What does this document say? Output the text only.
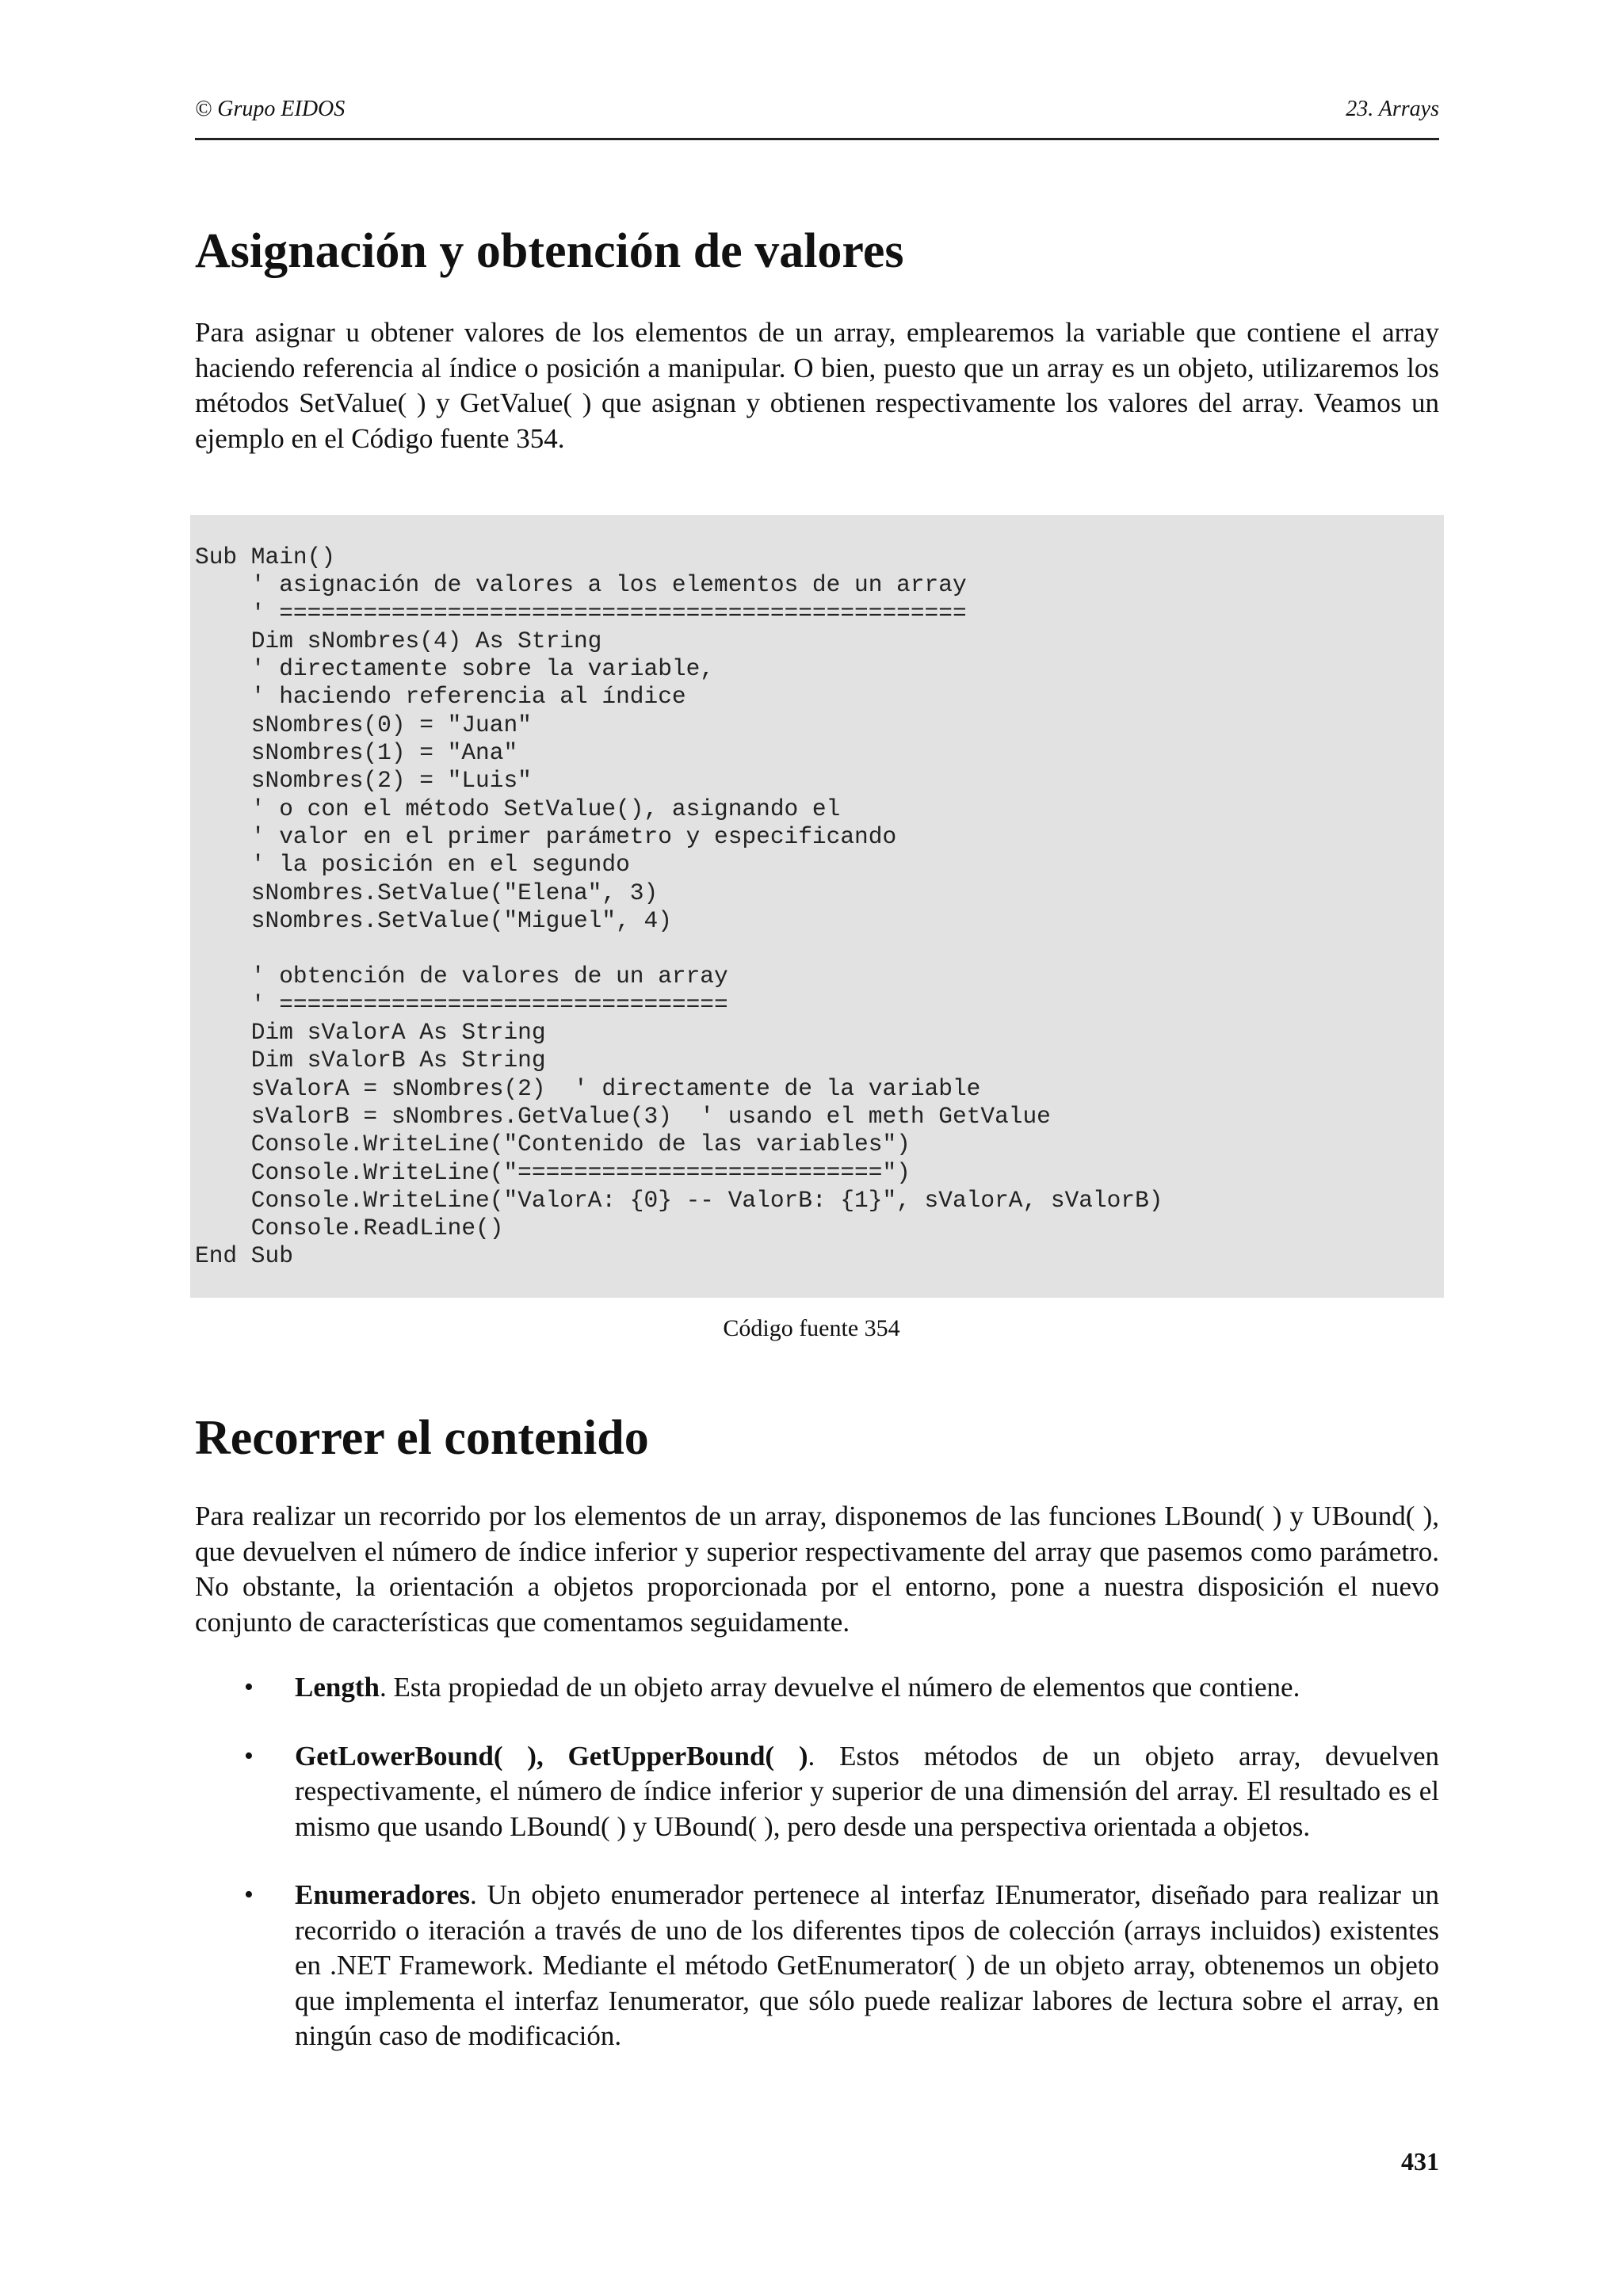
© Grupo EIDOS	23. Arrays
Asignación y obtención de valores

Para asignar u obtener valores de los elementos de un array, emplearemos la variable que contiene el array haciendo referencia al índice o posición a manipular. O bien, puesto que un array es un objeto, utilizaremos los métodos SetValue( ) y GetValue( ) que asignan y obtienen respectivamente los valores del array. Veamos un ejemplo en el Código fuente 354.

Sub Main()
' asignación de valores a los elementos de un array
' =================================================
Dim sNombres(4) As String
' directamente sobre la variable,
' haciendo referencia al índice
sNombres(0) = "Juan"
sNombres(1) = "Ana"
sNombres(2) = "Luis"
' o con el método SetValue(), asignando el
' valor en el primer parámetro y especificando
' la posición en el segundo
sNombres.SetValue("Elena", 3)
sNombres.SetValue("Miguel", 4)

' obtención de valores de un array
' ================================
Dim sValorA As String
Dim sValorB As String
sValorA = sNombres(2)  ' directamente de la variable
sValorB = sNombres.GetValue(3)  ' usando el meth GetValue
Console.WriteLine("Contenido de las variables")
Console.WriteLine("==========================")
Console.WriteLine("ValorA: {0} -- ValorB: {1}", sValorA, sValorB)
Console.ReadLine()
End Sub
Código fuente 354
Recorrer el contenido

Para realizar un recorrido por los elementos de un array, disponemos de las funciones LBound( ) y UBound( ), que devuelven el número de índice inferior y superior respectivamente del array que pasemos como parámetro. No obstante, la orientación a objetos proporcionada por el entorno, pone a nuestra disposición el nuevo conjunto de características que comentamos seguidamente.

• Length. Esta propiedad de un objeto array devuelve el número de elementos que contiene.
• GetLowerBound( ), GetUpperBound( ). Estos métodos de un objeto array, devuelven respectivamente, el número de índice inferior y superior de una dimensión del array. El resultado es el mismo que usando LBound( ) y UBound( ), pero desde una perspectiva orientada a objetos.
• Enumeradores. Un objeto enumerador pertenece al interfaz IEnumerator, diseñado para realizar un recorrido o iteración a través de uno de los diferentes tipos de colección (arrays incluidos) existentes en .NET Framework. Mediante el método GetEnumerator( ) de un objeto array, obtenemos un objeto que implementa el interfaz Ienumerator, que sólo puede realizar labores de lectura sobre el array, en ningún caso de modificación.
431
